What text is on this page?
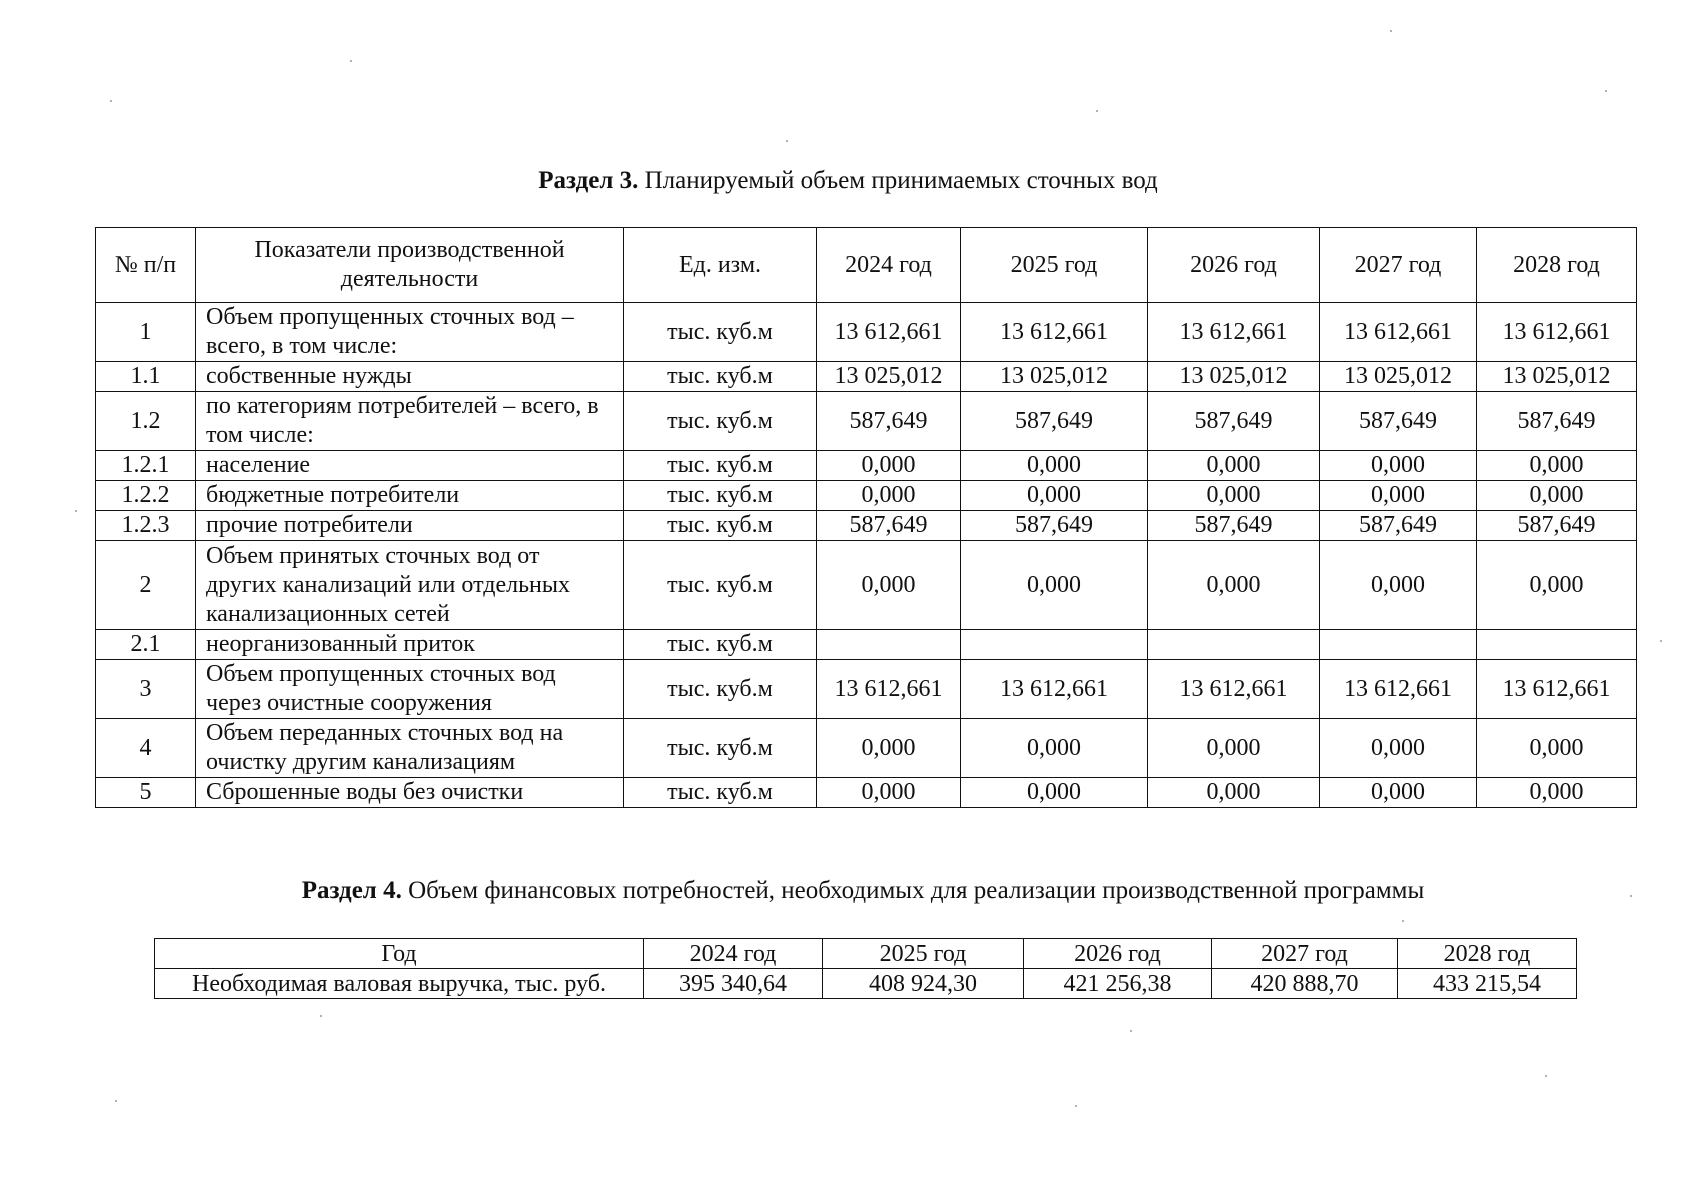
Раздел 3. Планируемый объем принимаемых сточных вод
№ п/п	Показатели производственной деятельности	Ед. изм.	2024 год	2025 год	2026 год	2027 год	2028 год
1	Объем пропущенных сточных вод – всего, в том числе:	тыс. куб.м	13 612,661	13 612,661	13 612,661	13 612,661	13 612,661
1.1	собственные нужды	тыс. куб.м	13 025,012	13 025,012	13 025,012	13 025,012	13 025,012
1.2	по категориям потребителей – всего, в том числе:	тыс. куб.м	587,649	587,649	587,649	587,649	587,649
1.2.1	население	тыс. куб.м	0,000	0,000	0,000	0,000	0,000
1.2.2	бюджетные потребители	тыс. куб.м	0,000	0,000	0,000	0,000	0,000
1.2.3	прочие потребители	тыс. куб.м	587,649	587,649	587,649	587,649	587,649
2	Объем принятых сточных вод от других канализаций или отдельных канализационных сетей	тыс. куб.м	0,000	0,000	0,000	0,000	0,000
2.1	неорганизованный приток	тыс. куб.м					
3	Объем пропущенных сточных вод через очистные сооружения	тыс. куб.м	13 612,661	13 612,661	13 612,661	13 612,661	13 612,661
4	Объем переданных сточных вод на очистку другим канализациям	тыс. куб.м	0,000	0,000	0,000	0,000	0,000
5	Сброшенные воды без очистки	тыс. куб.м	0,000	0,000	0,000	0,000	0,000
Раздел 4. Объем финансовых потребностей, необходимых для реализации производственной программы
Год	2024 год	2025 год	2026 год	2027 год	2028 год
Необходимая валовая выручка, тыс. руб.	395 340,64	408 924,30	421 256,38	420 888,70	433 215,54
